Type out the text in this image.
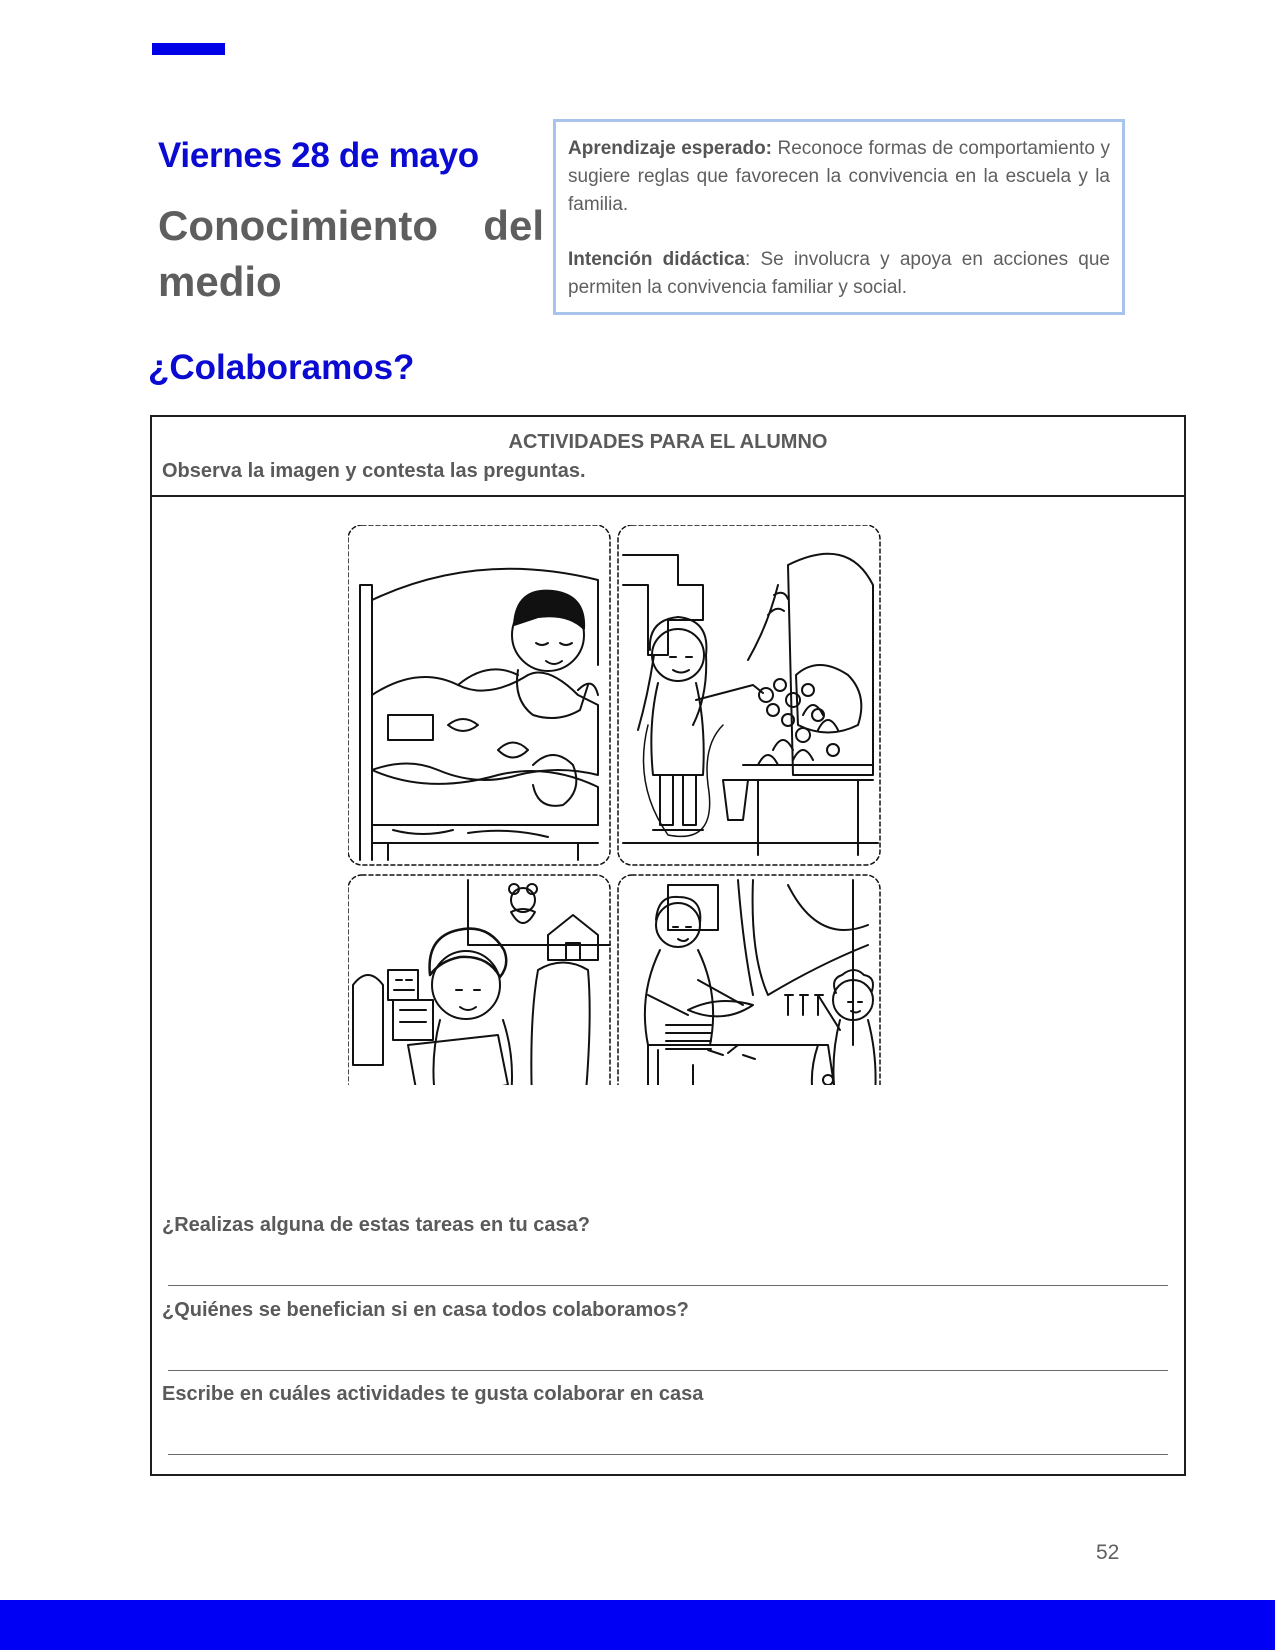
Viernes 28 de mayo
Conocimiento del medio

Aprendizaje esperado: Reconoce formas de comportamiento y sugiere reglas que favorecen la convivencia en la escuela y la familia.

Intención didáctica: Se involucra y apoya en acciones que permiten la convivencia familiar y social.

¿Colaboramos?

ACTIVIDADES PARA EL ALUMNO

Observa la imagen y contesta las preguntas.

¿Realizas alguna de estas tareas en tu casa?

¿Quiénes se benefician si en casa todos colaboramos?

Escribe en cuáles actividades te gusta colaborar en casa

52
